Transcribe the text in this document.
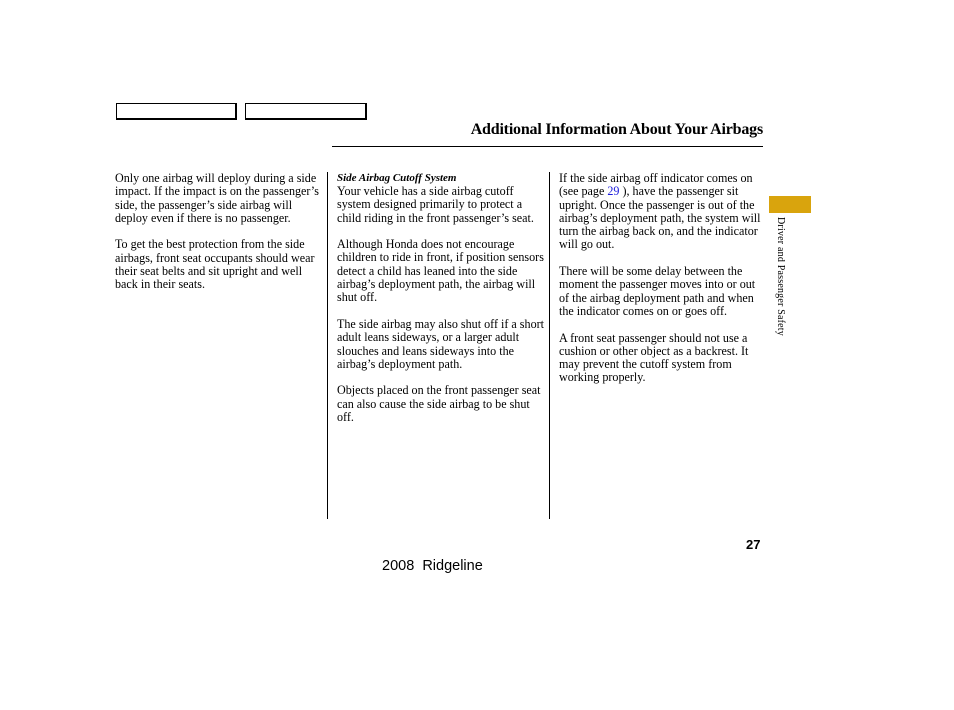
Additional Information About Your Airbags

Only one airbag will deploy during a side impact. If the impact is on the passenger’s side, the passenger’s side airbag will deploy even if there is no passenger.

To get the best protection from the side airbags, front seat occupants should wear their seat belts and sit upright and well back in their seats.

Side Airbag Cutoff System

Your vehicle has a side airbag cutoff system designed primarily to protect a child riding in the front passenger’s seat.

Although Honda does not encourage children to ride in front, if position sensors detect a child has leaned into the side airbag’s deployment path, the airbag will shut off.

The side airbag may also shut off if a short adult leans sideways, or a larger adult slouches and leans sideways into the airbag’s deployment path.

Objects placed on the front passenger seat can also cause the side airbag to be shut off.

If the side airbag off indicator comes on (see page 29 ), have the passenger sit upright. Once the passenger is out of the airbag’s deployment path, the system will turn the airbag back on, and the indicator will go out.

There will be some delay between the moment the passenger moves into or out of the airbag deployment path and when the indicator comes on or goes off.

A front seat passenger should not use a cushion or other object as a backrest. It may prevent the cutoff system from working properly.

Driver and Passenger Safety
27
2008  Ridgeline
